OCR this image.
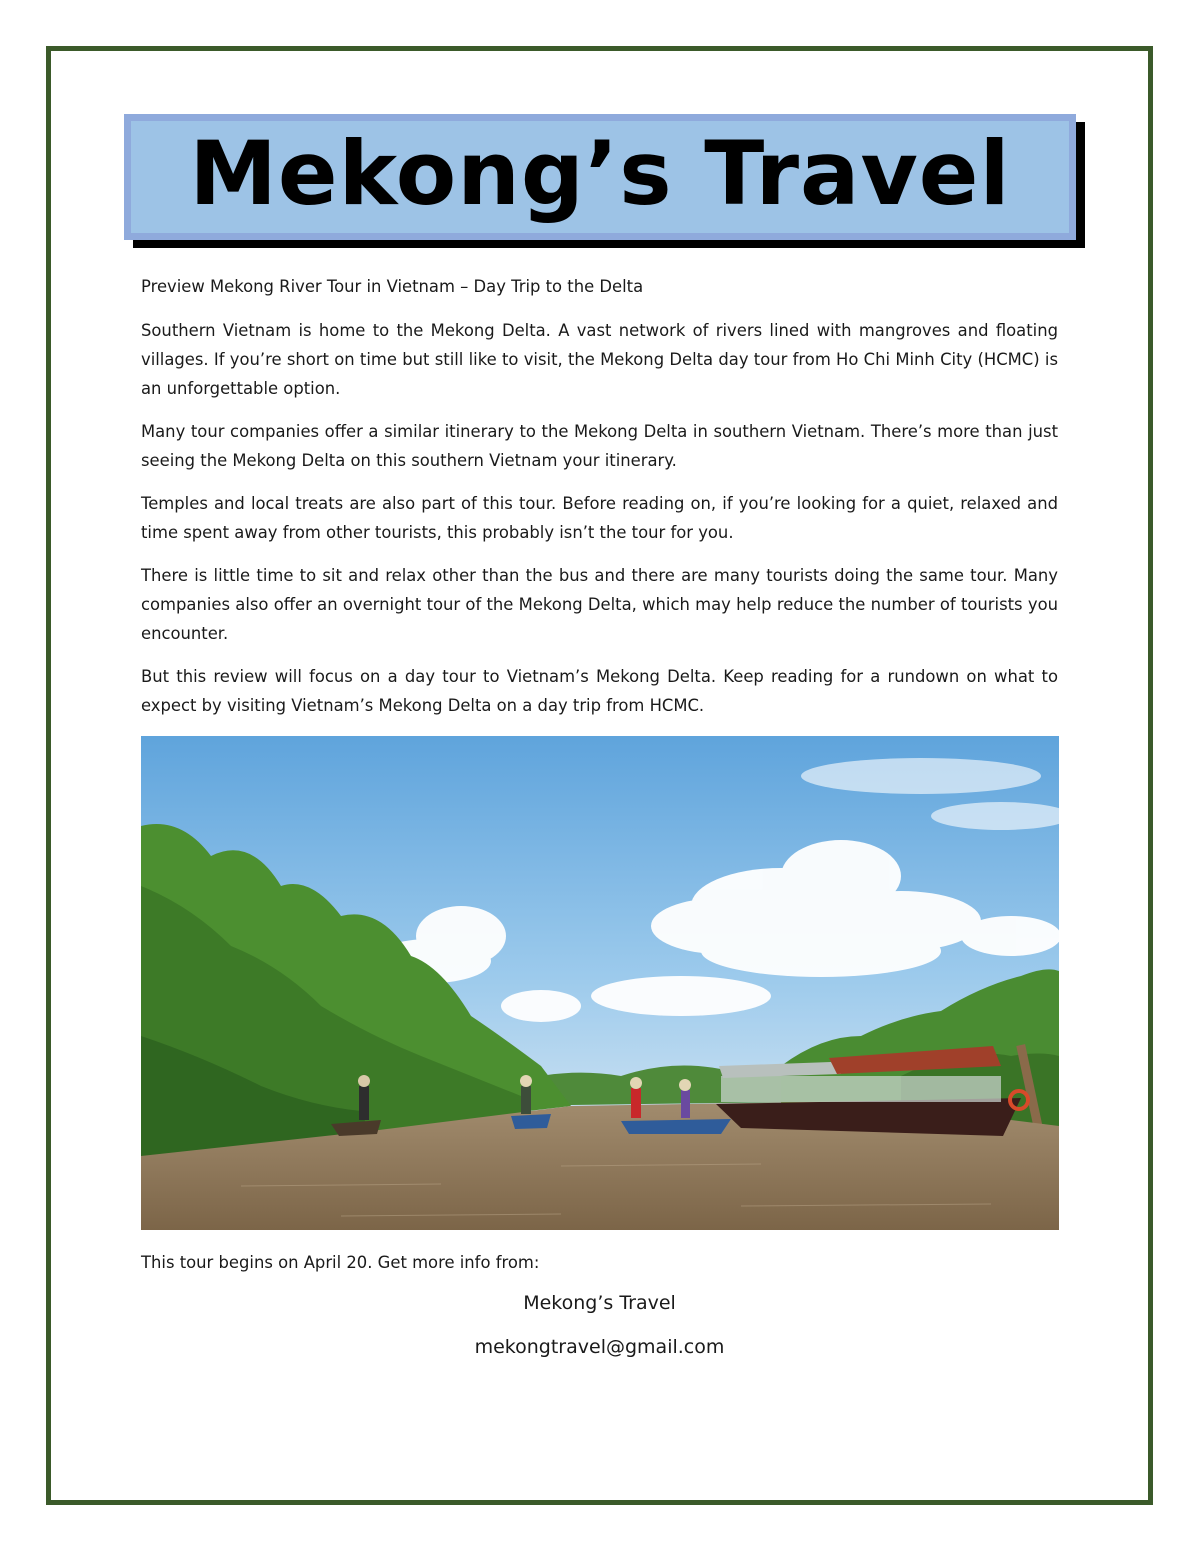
Mekong’s Travel

Preview Mekong River Tour in Vietnam – Day Trip to the Delta

Southern Vietnam is home to the Mekong Delta. A vast network of rivers lined with mangroves and floating villages. If you’re short on time but still like to visit, the Mekong Delta day tour from Ho Chi Minh City (HCMC) is an unforgettable option.

Many tour companies offer a similar itinerary to the Mekong Delta in southern Vietnam. There’s more than just seeing the Mekong Delta on this southern Vietnam your itinerary.

Temples and local treats are also part of this tour. Before reading on, if you’re looking for a quiet, relaxed and time spent away from other tourists, this probably isn’t the tour for you.

There is little time to sit and relax other than the bus and there are many tourists doing the same tour. Many companies also offer an overnight tour of the Mekong Delta, which may help reduce the number of tourists you encounter.

But this review will focus on a day tour to Vietnam’s Mekong Delta. Keep reading for a rundown on what to expect by visiting Vietnam’s Mekong Delta on a day trip from HCMC.

This tour begins on April 20. Get more info from:
Mekong’s Travel
mekongtravel@gmail.com
